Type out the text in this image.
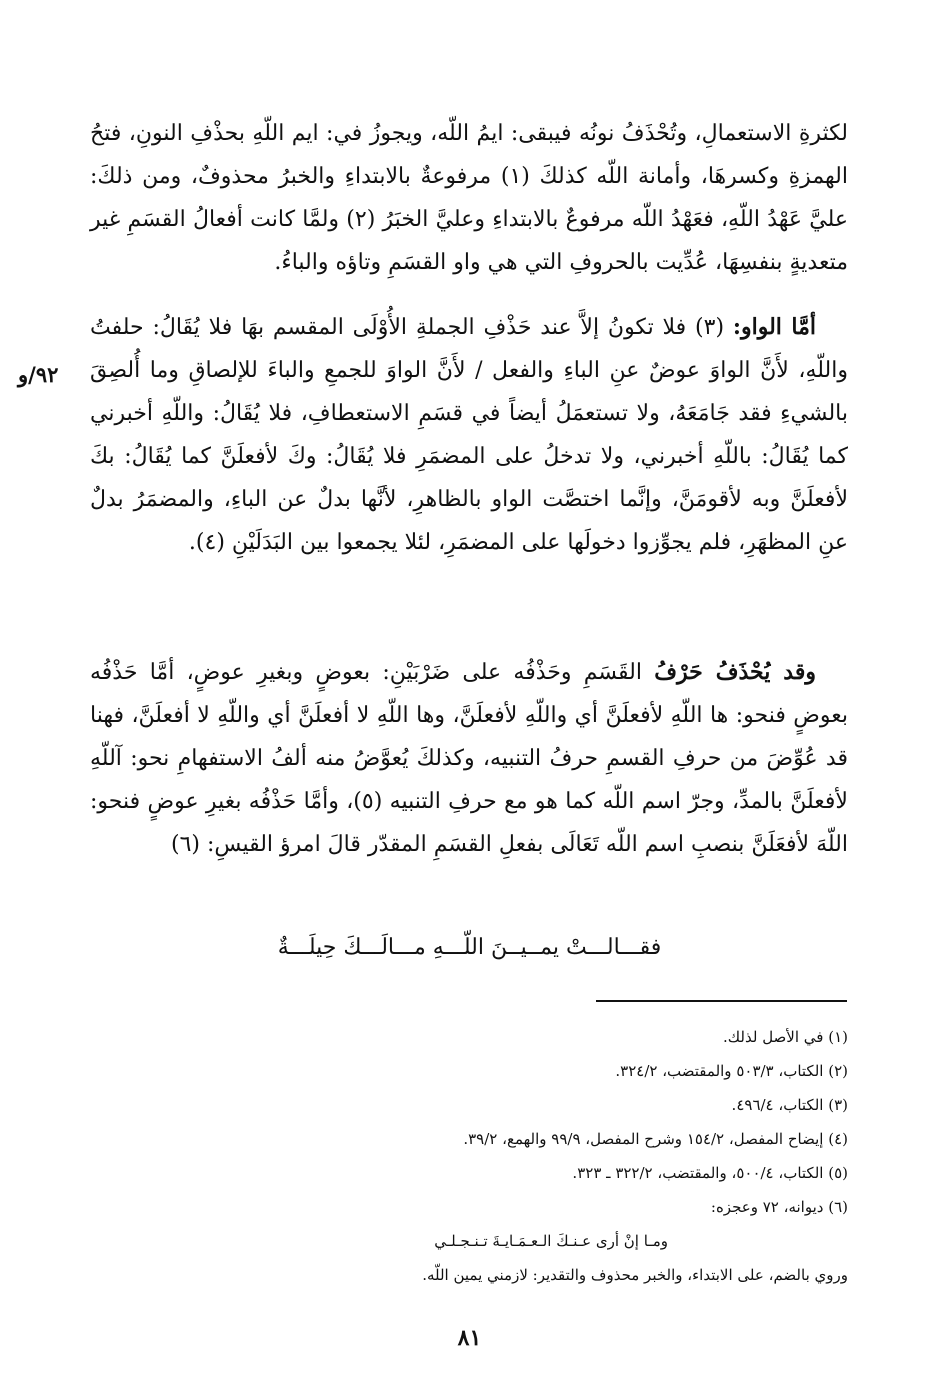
لكثرةِ الاستعمالِ، وتُحْذَفُ نونُه فيبقى: ايمُ اللّه، ويجوزُ في: ايم اللّهِ بحذْفِ النونِ، فتحُ الهمزةِ وكسرهَا، وأمانة اللّه كذلكَ (١) مرفوعةٌ بالابتداءِ والخبرُ محذوفٌ، ومن ذلكَ: عليَّ عَهْدُ اللّهِ، فعَهْدُ اللّه مرفوعٌ بالابتداءِ وعليَّ الخبَرُ (٢) ولمَّا كانت أفعالُ القسَمِ غير متعديةٍ بنفسِهَا، عُدِّيت بالحروفِ التي هي واو القسَمِ وتاؤه والباءُ.

أمَّا الواو: (٣) فلا تكونُ إلاَّ عند حَذْفِ الجملةِ الأُوْلَى المقسم بهَا فلا يُقَالُ: حلفتُ واللّهِ، لأَنَّ الواوَ عوضٌ عنِ الباءِ والفعل / لأَنَّ الواوَ للجمعِ والباءَ للإلصاقِ وما أُلصِقَ بالشيءِ فقد جَامَعَهُ، ولا تستعمَلُ أيضاً في قسَمِ الاستعطافِ، فلا يُقَالُ: واللّهِ أخبرني كما يُقَالُ: باللّهِ أخبرني، ولا تدخلُ على المضمَرِ فلا يُقَالُ: وكَ لأفعلَنَّ كما يُقَالُ: بكَ لأفعلَنَّ وبه لأقومَنَّ، وإنَّما اختصَّت الواو بالظاهرِ، لأنَّها بدلٌ عن الباءِ، والمضمَرُ بدلٌ عنِ المظهَرِ، فلم يجوِّزوا دخولَها على المضمَرِ، لئلا يجمعوا بين البَدَلَيْنِ (٤).

٩٢/و

وقد يُحْذَفُ حَرْفُ القَسَمِ وحَذْفُه على ضَرْبَيْنِ: بعوضٍ وبغيرِ عوضٍ، أمَّا حَذْفُه بعوضٍ فنحو: ها اللّهِ لأفعلَنَّ أي واللّهِ لأفعلَنَّ، وها اللّهِ لا أفعلَنَّ أي واللّهِ لا أفعلَنَّ، فهنا قد عُوِّضَ من حرفِ القسمِ حرفُ التنبيه، وكذلكَ يُعوَّضُ منه ألفُ الاستفهامِ نحو: آللّهِ لأفعلَنَّ بالمدِّ، وجرّ اسم اللّه كما هو مع حرفِ التنبيه (٥)، وأمَّا حَذْفُه بغيرِ عوضٍ فنحو: اللّهَ لأفعَلَنَّ بنصبِ اسم اللّه تَعَالَى بفعلِ القسَمِ المقدّر قالَ امرؤ القيسِ: (٦)

فقـــالـــتْ يمــيــنَ اللّـــهِ مـــالَـــكَ حِيلَـــةٌ
(١) في الأصل لذلك.
(٢) الكتاب، ٥٠٣/٣ والمقتضب، ٣٢٤/٢.
(٣) الكتاب، ٤٩٦/٤.
(٤) إيضاح المفصل، ١٥٤/٢ وشرح المفصل، ٩٩/٩ والهمع، ٣٩/٢.
(٥) الكتاب، ٥٠٠/٤، والمقتضب، ٣٢٢/٢ ـ ٣٢٣.
(٦) ديوانه، ٧٢ وعجزه:
ومـا إنْ أرى عـنـكَ الـعـمَـايـةَ تـنـجـلـي
وروي بالضم، على الابتداء، والخبر محذوف والتقدير: لازمني يمين اللّه.
٨١
